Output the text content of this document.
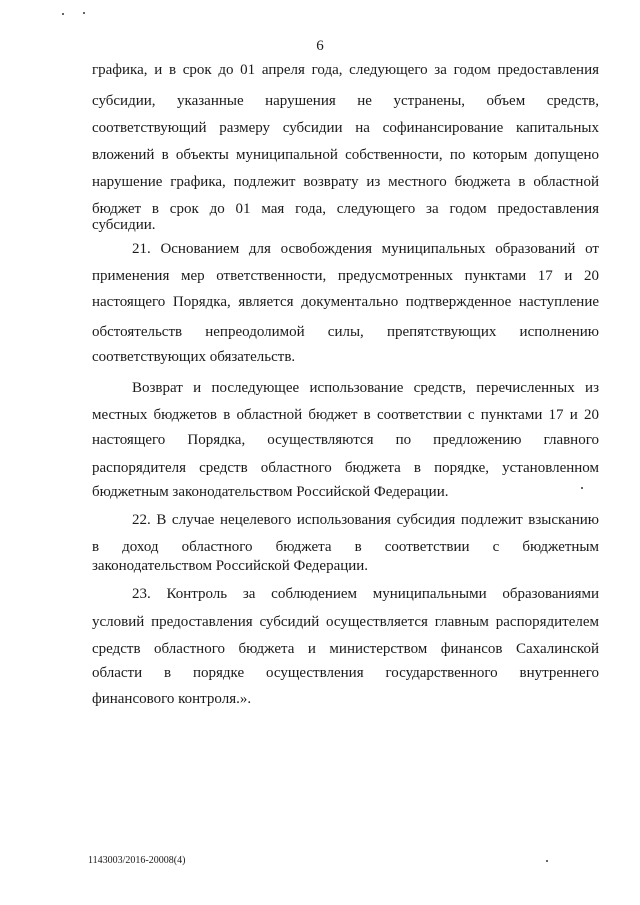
6
графика, и в срок до 01 апреля года, следующего за годом предоставления
субсидии, указанные нарушения не устранены, объем средств,
соответствующий размеру субсидии на софинансирование капитальных
вложений в объекты муниципальной собственности, по которым допущено
нарушение графика, подлежит возврату из местного бюджета в областной
бюджет в срок до 01 мая года, следующего за годом предоставления
субсидии.
21. Основанием для освобождения муниципальных образований от
применения мер ответственности, предусмотренных пунктами 17 и 20
настоящего Порядка, является документально подтвержденное наступление
обстоятельств непреодолимой силы, препятствующих исполнению
соответствующих обязательств.
Возврат и последующее использование средств, перечисленных из
местных бюджетов в областной бюджет в соответствии с пунктами 17 и 20
настоящего Порядка, осуществляются по предложению главного
распорядителя средств областного бюджета в порядке, установленном
бюджетным законодательством Российской Федерации.
22. В случае нецелевого использования субсидия подлежит взысканию
в доход областного бюджета в соответствии с бюджетным
законодательством Российской Федерации.
23. Контроль за соблюдением муниципальными образованиями
условий предоставления субсидий осуществляется главным распорядителем
средств областного бюджета и министерством финансов Сахалинской
области в порядке осуществления государственного внутреннего
финансового контроля.».
1143003/2016-20008(4)
